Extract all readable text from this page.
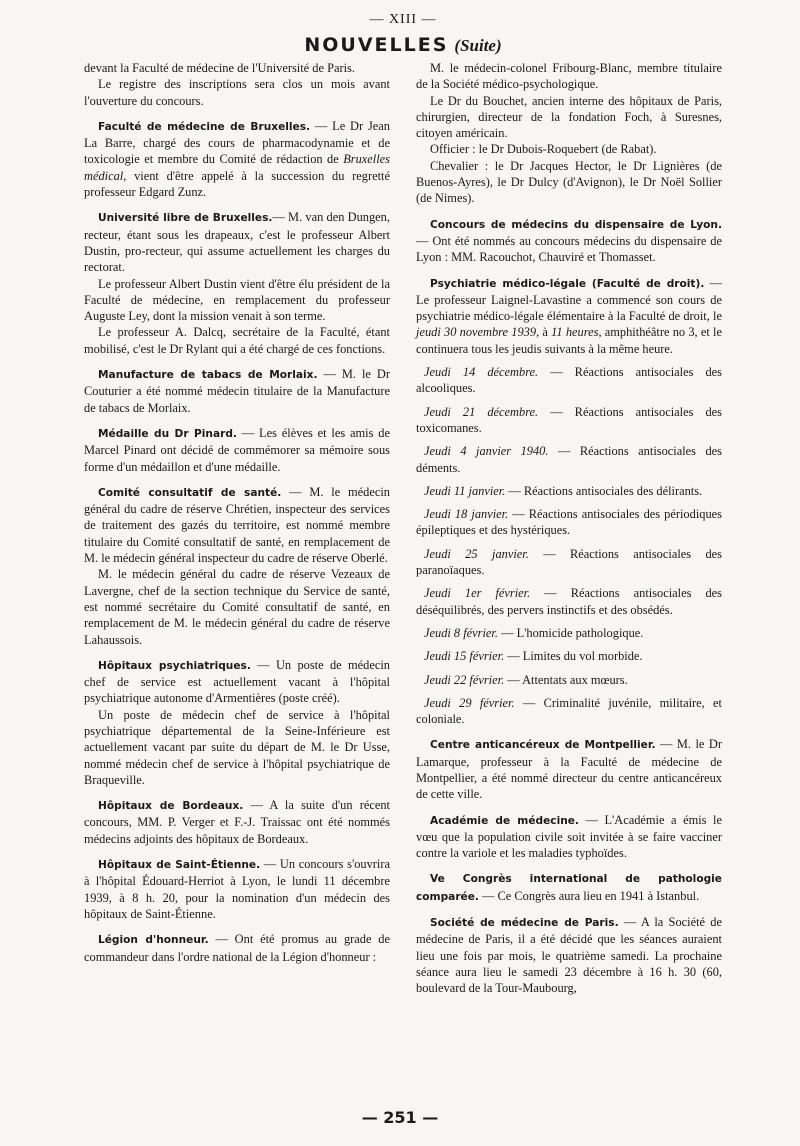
— XIII —
NOUVELLES (Suite)

devant la Faculté de médecine de l'Université de Paris.

Le registre des inscriptions sera clos un mois avant l'ouverture du concours.

Faculté de médecine de Bruxelles. — Le Dr Jean La Barre, chargé des cours de pharmacodynamie et de toxicologie et membre du Comité de rédaction de Bruxelles médical, vient d'être appelé à la succession du regretté professeur Edgard Zunz.

Université libre de Bruxelles.— M. van den Dungen, recteur, étant sous les drapeaux, c'est le professeur Albert Dustin, pro-recteur, qui assume actuellement les charges du rectorat.

Le professeur Albert Dustin vient d'être élu président de la Faculté de médecine, en remplacement du professeur Auguste Ley, dont la mission venait à son terme.

Le professeur A. Dalcq, secrétaire de la Faculté, étant mobilisé, c'est le Dr Rylant qui a été chargé de ces fonctions.

Manufacture de tabacs de Morlaix. — M. le Dr Couturier a été nommé médecin titulaire de la Manufacture de tabacs de Morlaix.

Médaille du Dr Pinard. — Les élèves et les amis de Marcel Pinard ont décidé de commémorer sa mémoire sous forme d'un médaillon et d'une médaille.

Comité consultatif de santé. — M. le médecin général du cadre de réserve Chrétien, inspecteur des services de traitement des gazés du territoire, est nommé membre titulaire du Comité consultatif de santé, en remplacement de M. le médecin général inspecteur du cadre de réserve Oberlé.

M. le médecin général du cadre de réserve Vezeaux de Lavergne, chef de la section technique du Service de santé, est nommé secrétaire du Comité consultatif de santé, en remplacement de M. le médecin général du cadre de réserve Lahaussois.

Hôpitaux psychiatriques. — Un poste de médecin chef de service est actuellement vacant à l'hôpital psychiatrique autonome d'Armentières (poste créé).

Un poste de médecin chef de service à l'hôpital psychiatrique départemental de la Seine-Inférieure est actuellement vacant par suite du départ de M. le Dr Usse, nommé médecin chef de service à l'hôpital psychiatrique de Braqueville.

Hôpitaux de Bordeaux. — A la suite d'un récent concours, MM. P. Verger et F.-J. Traissac ont été nommés médecins adjoints des hôpitaux de Bordeaux.

Hôpitaux de Saint-Étienne. — Un concours s'ouvrira à l'hôpital Édouard-Herriot à Lyon, le lundi 11 décembre 1939, à 8 h. 20, pour la nomination d'un médecin des hôpitaux de Saint-Étienne.

Légion d'honneur. — Ont été promus au grade de commandeur dans l'ordre national de la Légion d'honneur :

M. le médecin-colonel Fribourg-Blanc, membre titulaire de la Société médico-psychologique.

Le Dr du Bouchet, ancien interne des hôpitaux de Paris, chirurgien, directeur de la fondation Foch, à Suresnes, citoyen américain.

Officier : le Dr Dubois-Roquebert (de Rabat).

Chevalier : le Dr Jacques Hector, le Dr Lignières (de Buenos-Ayres), le Dr Dulcy (d'Avignon), le Dr Noël Sollier (de Nimes).

Concours de médecins du dispensaire de Lyon. — Ont été nommés au concours médecins du dispensaire de Lyon : MM. Racouchot, Chauviré et Thomasset.

Psychiatrie médico-légale (Faculté de droit). — Le professeur Laignel-Lavastine a commencé son cours de psychiatrie médico-légale élémentaire à la Faculté de droit, le jeudi 30 novembre 1939, à 11 heures, amphithéâtre no 3, et le continuera tous les jeudis suivants à la même heure.

Jeudi 14 décembre. — Réactions antisociales des alcooliques.

Jeudi 21 décembre. — Réactions antisociales des toxicomanes.

Jeudi 4 janvier 1940. — Réactions antisociales des déments.

Jeudi 11 janvier. — Réactions antisociales des délirants.

Jeudi 18 janvier. — Réactions antisociales des périodiques épileptiques et des hystériques.

Jeudi 25 janvier. — Réactions antisociales des paranoïaques.

Jeudi 1er février. — Réactions antisociales des déséquilibrés, des pervers instinctifs et des obsédés.

Jeudi 8 février. — L'homicide pathologique.

Jeudi 15 février. — Limites du vol morbide.

Jeudi 22 février. — Attentats aux mœurs.

Jeudi 29 février. — Criminalité juvénile, militaire, et coloniale.

Centre anticancéreux de Montpellier. — M. le Dr Lamarque, professeur à la Faculté de médecine de Montpellier, a été nommé directeur du centre anticancéreux de cette ville.

Académie de médecine. — L'Académie a émis le vœu que la population civile soit invitée à se faire vacciner contre la variole et les maladies typhoïdes.

Ve Congrès international de pathologie comparée. — Ce Congrès aura lieu en 1941 à Istanbul.

Société de médecine de Paris. — A la Société de médecine de Paris, il a été décidé que les séances auraient lieu une fois par mois, le quatrième samedi. La prochaine séance aura lieu le samedi 23 décembre à 16 h. 30 (60, boulevard de la Tour-Maubourg,

— 251 —
